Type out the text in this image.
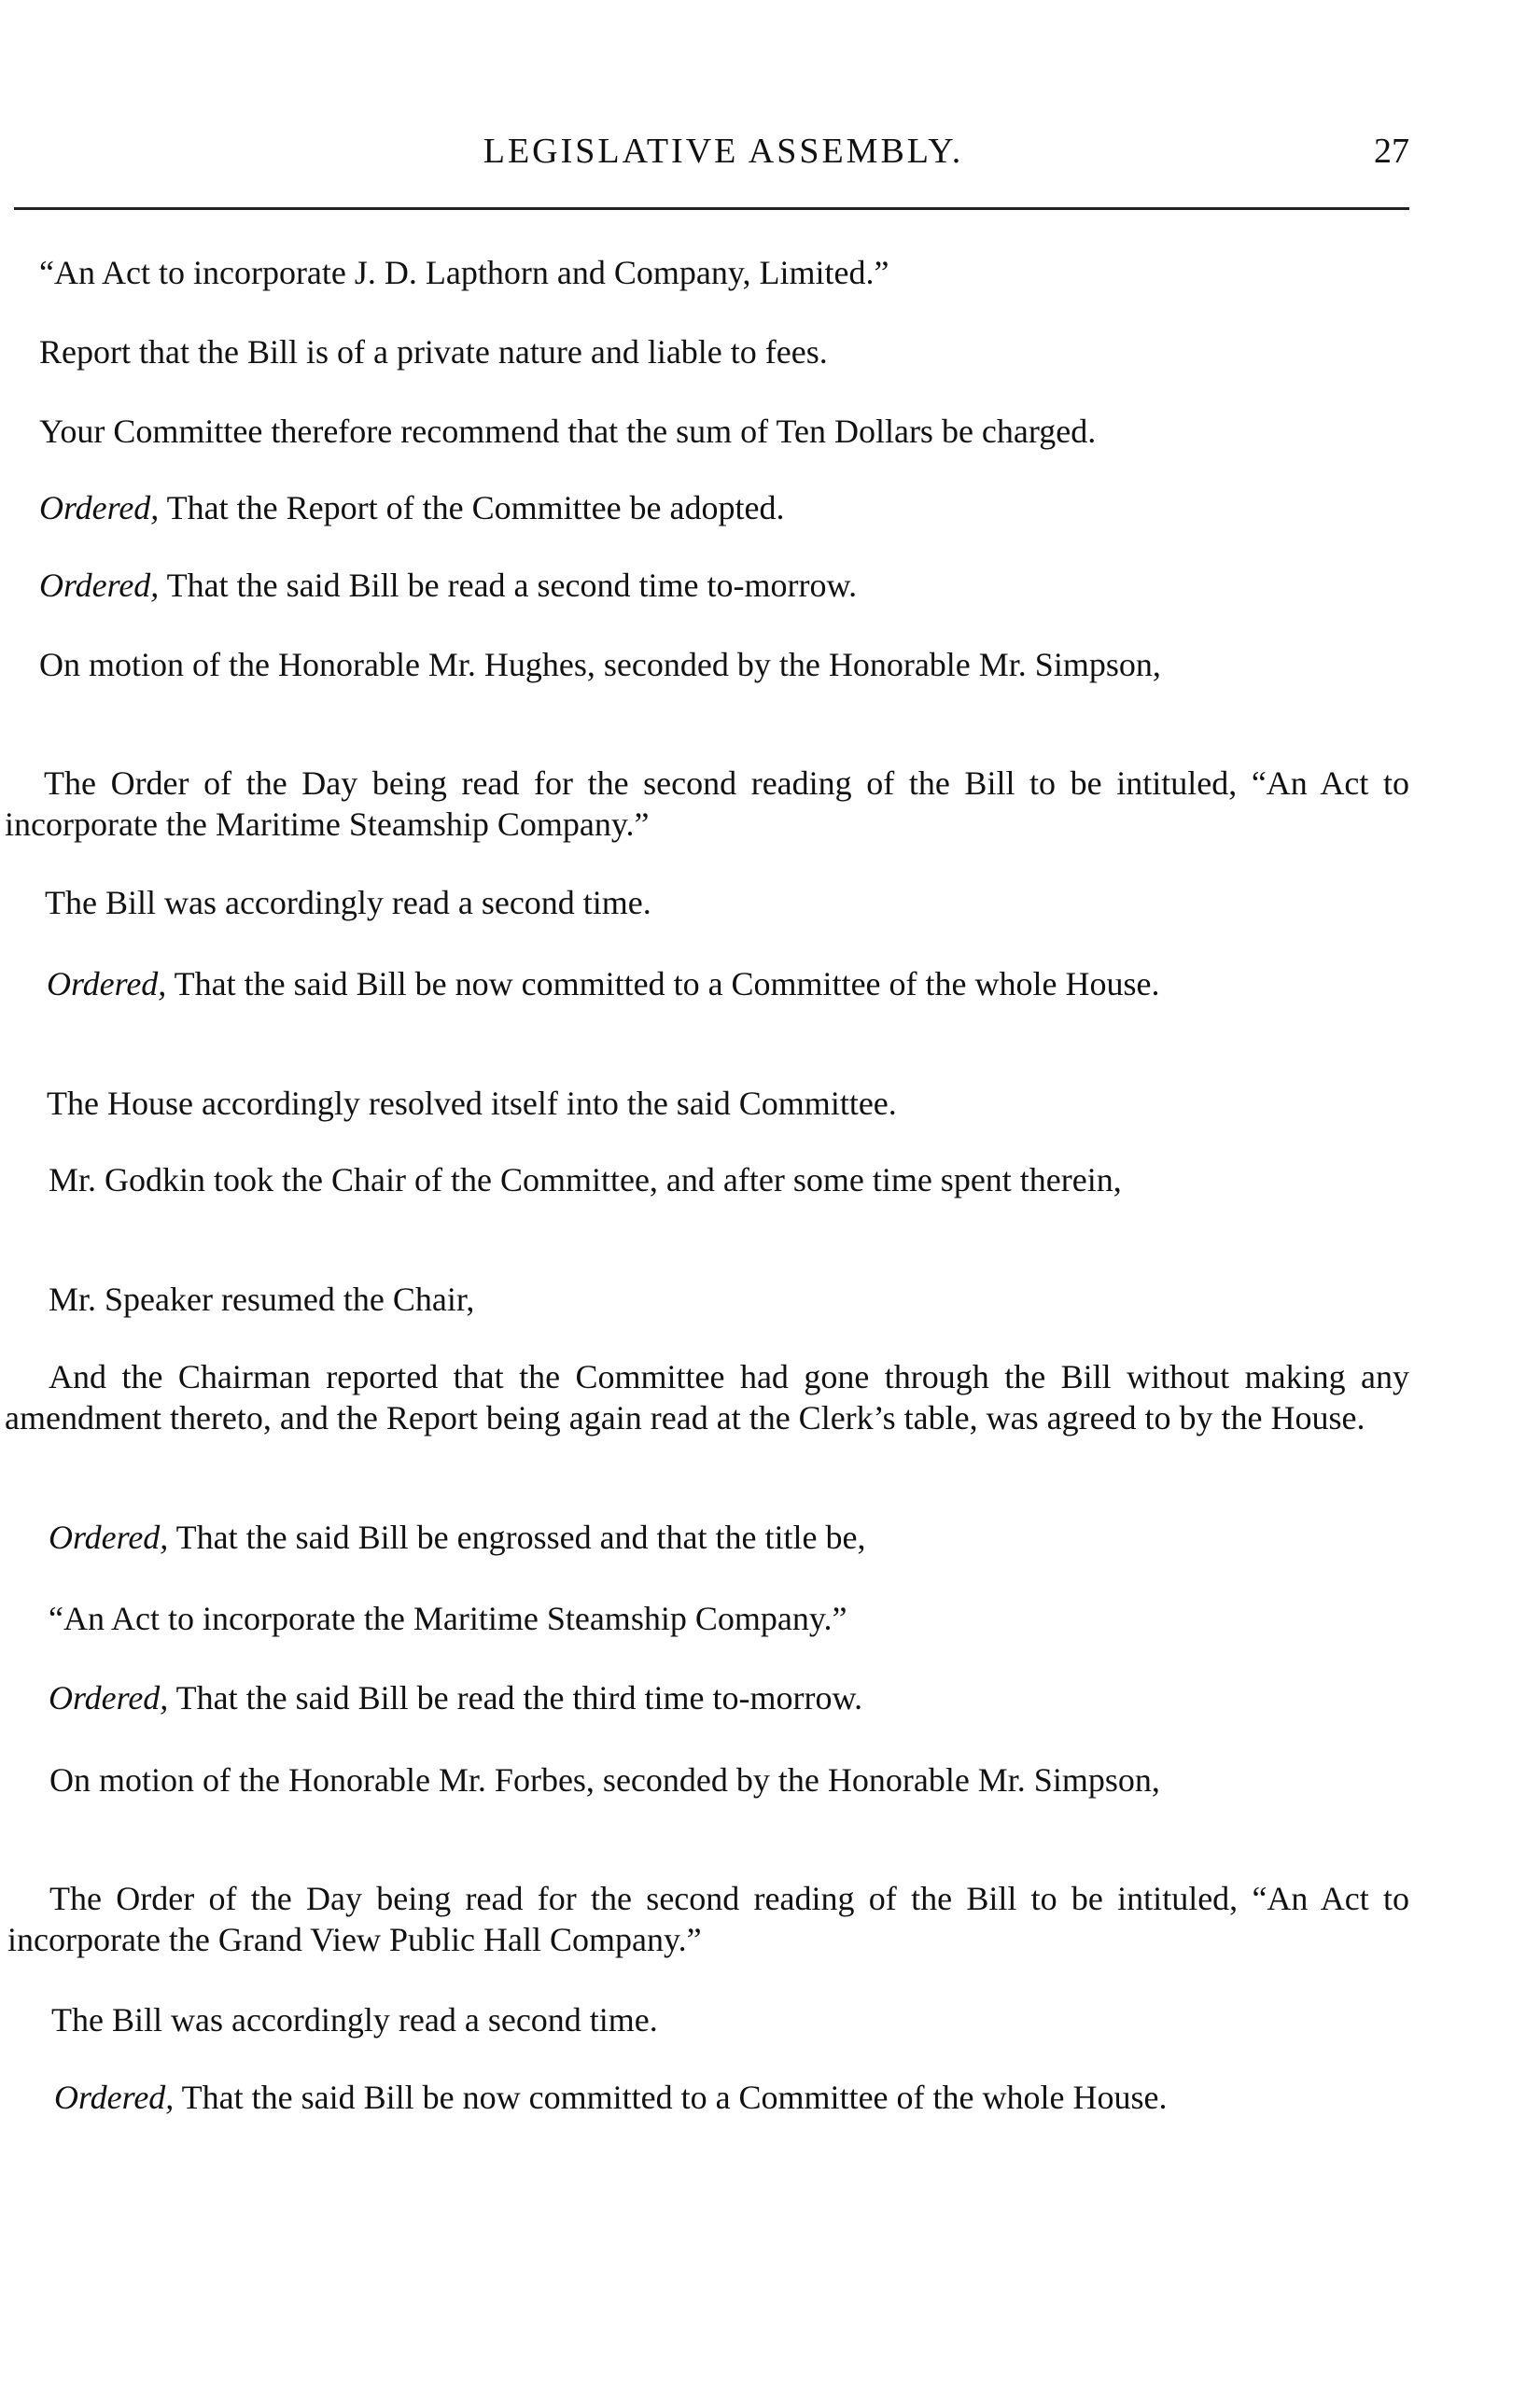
LEGISLATIVE ASSEMBLY.	27
“An Act to incorporate J. D. Lapthorn and Company, Limited.”
Report that the Bill is of a private nature and liable to fees.
Your Committee therefore recommend that the sum of Ten Dollars be charged.
Ordered, That the Report of the Committee be adopted.
Ordered, That the said Bill be read a second time to-morrow.
On motion of the Honorable Mr. Hughes, seconded by the Honorable Mr. Simpson,
The Order of the Day being read for the second reading of the Bill to be intituled, “An Act to incorporate the Maritime Steamship Company.”
The Bill was accordingly read a second time.
Ordered, That the said Bill be now committed to a Committee of the whole House.
The House accordingly resolved itself into the said Committee.
Mr. Godkin took the Chair of the Committee, and after some time spent therein,
Mr. Speaker resumed the Chair,
And the Chairman reported that the Committee had gone through the Bill without making any amendment thereto, and the Report being again read at the Clerk’s table, was agreed to by the House.
Ordered, That the said Bill be engrossed and that the title be,
“An Act to incorporate the Maritime Steamship Company.”
Ordered, That the said Bill be read the third time to-morrow.
On motion of the Honorable Mr. Forbes, seconded by the Honorable Mr. Simpson,
The Order of the Day being read for the second reading of the Bill to be intituled, “An Act to incorporate the Grand View Public Hall Company.”
The Bill was accordingly read a second time.
Ordered, That the said Bill be now committed to a Committee of the whole House.
